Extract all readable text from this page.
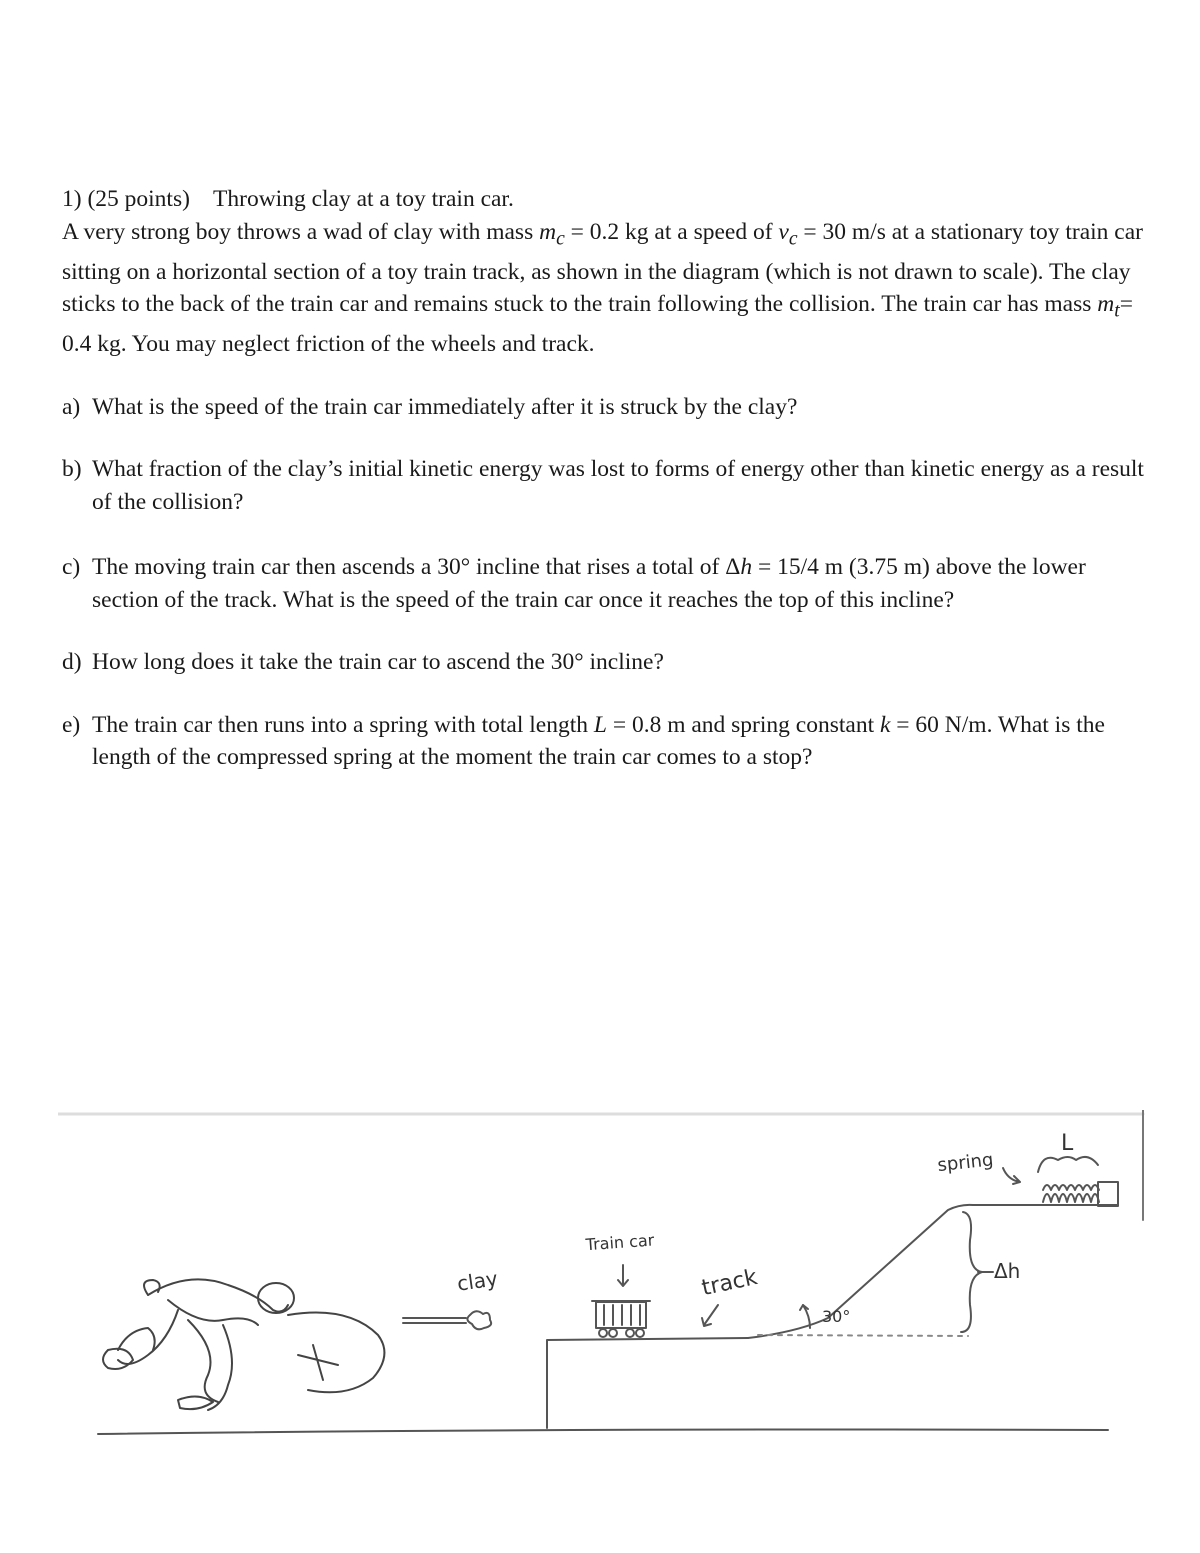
1) (25 points) Throwing clay at a toy train car.

A very strong boy throws a wad of clay with mass $m_c = 0.2$ kg at a speed of $v_c = 30$ m/s at a stationary toy train car sitting on a horizontal section of a toy train track, as shown in the diagram (which is not drawn to scale). The clay sticks to the back of the train car and remains stuck to the train following the collision. The train car has mass $m_t= 0.4$ kg. You may neglect friction of the wheels and track.

a) What is the speed of the train car immediately after it is struck by the clay?
b) What fraction of the clay’s initial kinetic energy was lost to forms of energy other than kinetic energy as a result of the collision?
c) The moving train car then ascends a 30° incline that rises a total of Δh = 15/4 m (3.75 m) above the lower section of the track. What is the speed of the train car once it reaches the top of this incline?
d) How long does it take the train car to ascend the 30° incline?
e) The train car then runs into a spring with total length L = 0.8 m and spring constant k = 60 N/m. What is the length of the compressed spring at the moment the train car comes to a stop?
clay
Train car
track
30°
spring
L
Δh
